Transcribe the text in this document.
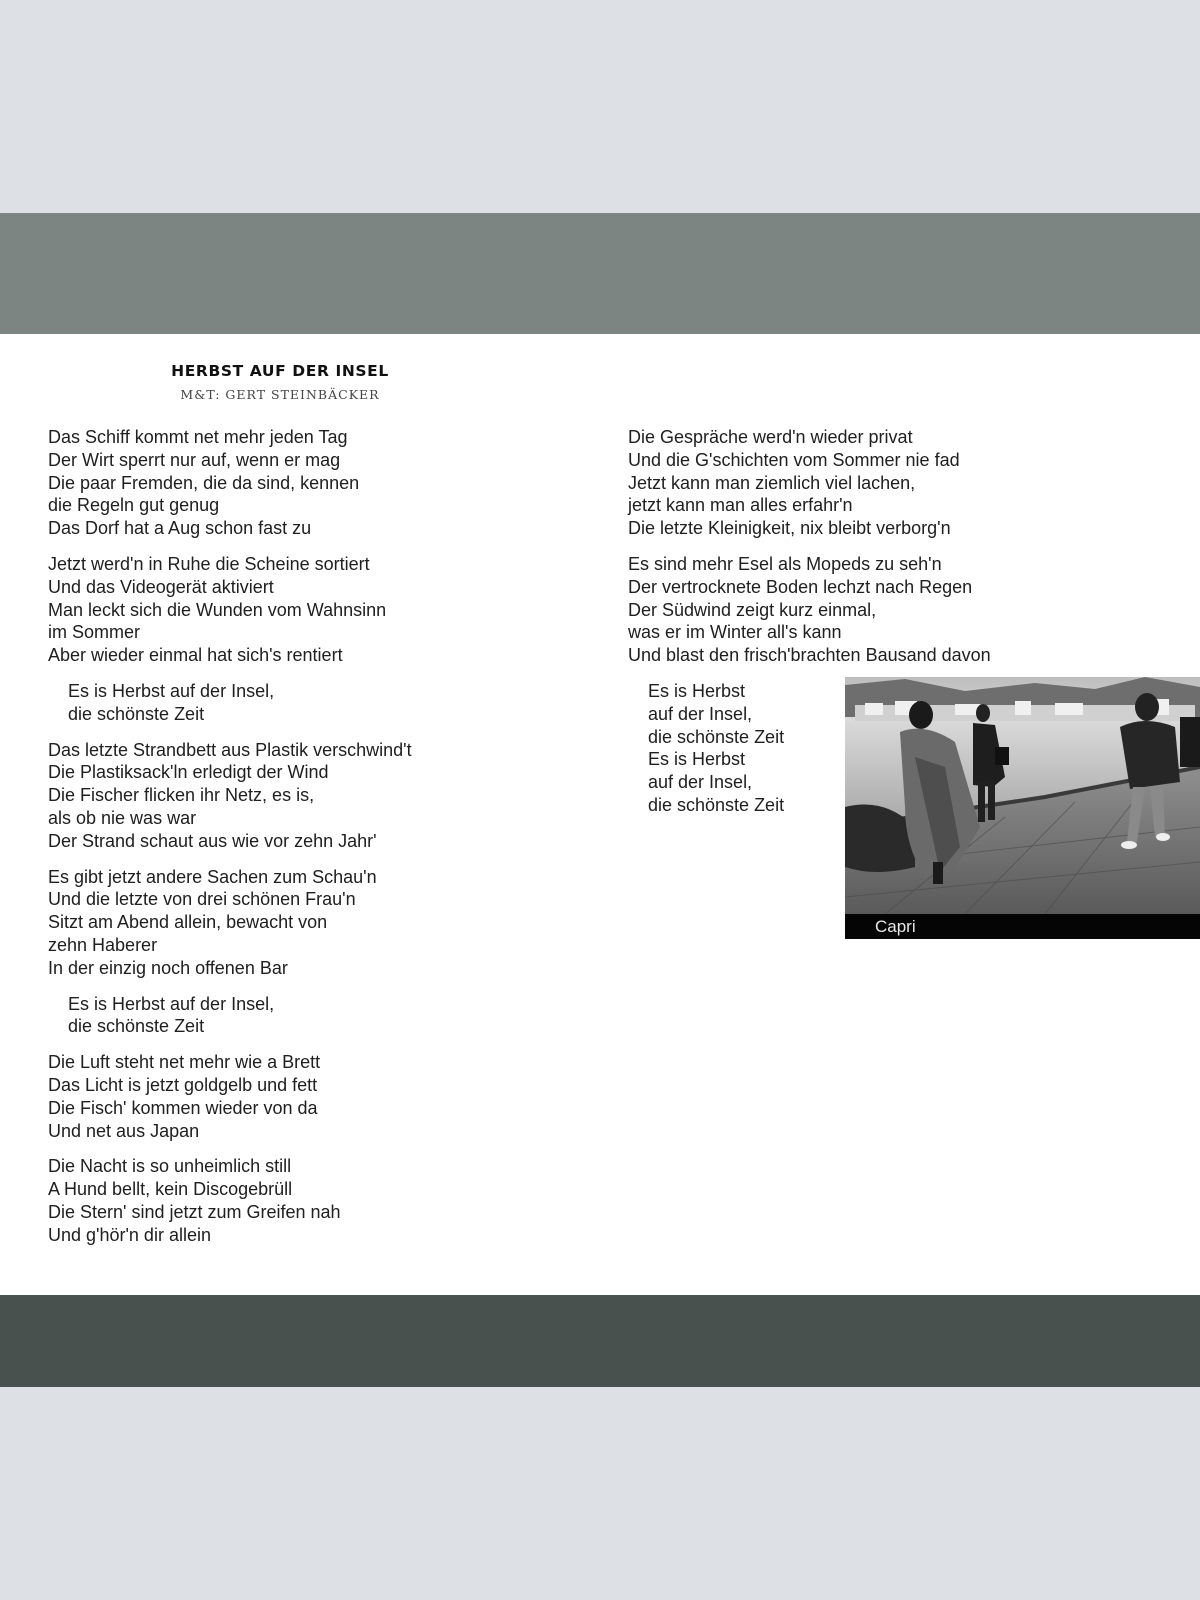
HERBST AUF DER INSEL
M&T: GERT STEINBÄCKER
Das Schiff kommt net mehr jeden Tag
Der Wirt sperrt nur auf, wenn er mag
Die paar Fremden, die da sind, kennen
die Regeln gut genug
Das Dorf hat a Aug schon fast zu
Jetzt werd'n in Ruhe die Scheine sortiert
Und das Videogerät aktiviert
Man leckt sich die Wunden vom Wahnsinn
im Sommer
Aber wieder einmal hat sich's rentiert
Es is Herbst auf der Insel,
die schönste Zeit
Das letzte Strandbett aus Plastik verschwind't
Die Plastiksack'ln erledigt der Wind
Die Fischer flicken ihr Netz, es is,
als ob nie was war
Der Strand schaut aus wie vor zehn Jahr'
Es gibt jetzt andere Sachen zum Schau'n
Und die letzte von drei schönen Frau'n
Sitzt am Abend allein, bewacht von
zehn Haberer
In der einzig noch offenen Bar
Es is Herbst auf der Insel,
die schönste Zeit
Die Luft steht net mehr wie a Brett
Das Licht is jetzt goldgelb und fett
Die Fisch' kommen wieder von da
Und net aus Japan
Die Nacht is so unheimlich still
A Hund bellt, kein Discogebrüll
Die Stern' sind jetzt zum Greifen nah
Und g'hör'n dir allein
Die Gespräche werd'n wieder privat
Und die G'schichten vom Sommer nie fad
Jetzt kann man ziemlich viel lachen,
jetzt kann man alles erfahr'n
Die letzte Kleinigkeit, nix bleibt verborg'n
Es sind mehr Esel als Mopeds zu seh'n
Der vertrocknete Boden lechzt nach Regen
Der Südwind zeigt kurz einmal,
was er im Winter all's kann
Und blast den frisch'brachten Bausand davon
Es is Herbst
auf der Insel,
die schönste Zeit
Es is Herbst
auf der Insel,
die schönste Zeit
Capri
